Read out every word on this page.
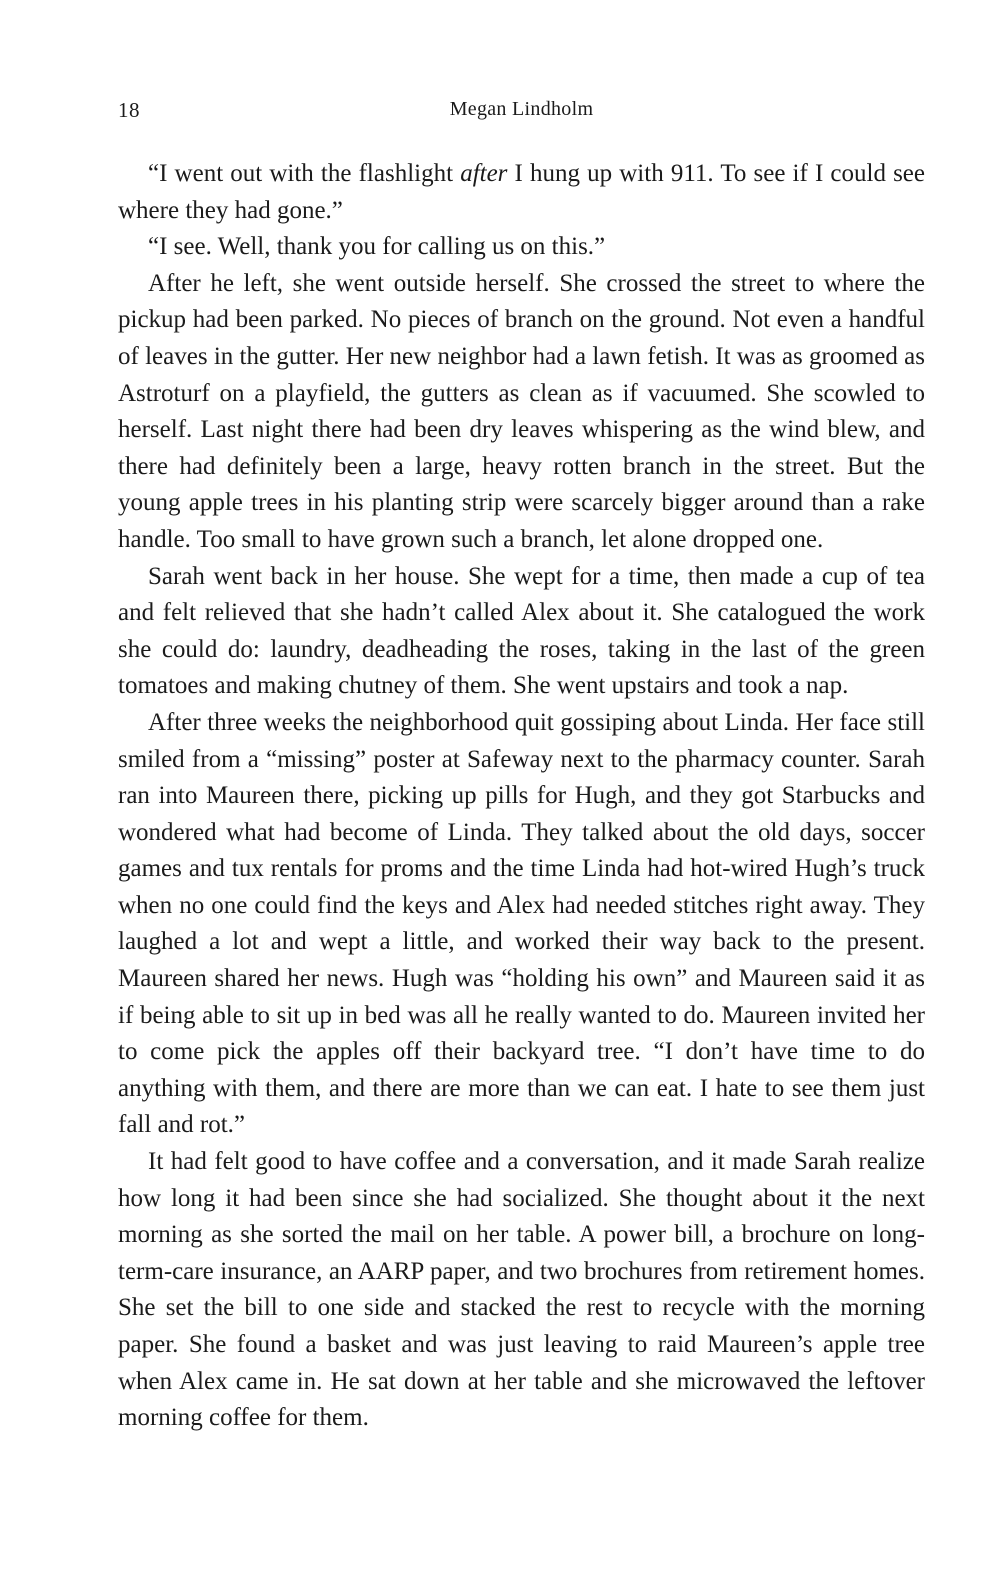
18	Megan Lindholm

“I went out with the flashlight after I hung up with 911. To see if I could see where they had gone.”

“I see. Well, thank you for calling us on this.”

After he left, she went outside herself. She crossed the street to where the pickup had been parked. No pieces of branch on the ground. Not even a handful of leaves in the gutter. Her new neighbor had a lawn fetish. It was as groomed as Astroturf on a playfield, the gutters as clean as if vacuumed. She scowled to herself. Last night there had been dry leaves whispering as the wind blew, and there had definitely been a large, heavy rotten branch in the street. But the young apple trees in his planting strip were scarcely bigger around than a rake handle. Too small to have grown such a branch, let alone dropped one.

Sarah went back in her house. She wept for a time, then made a cup of tea and felt relieved that she hadn’t called Alex about it. She catalogued the work she could do: laundry, deadheading the roses, taking in the last of the green tomatoes and making chutney of them. She went upstairs and took a nap.

After three weeks the neighborhood quit gossiping about Linda. Her face still smiled from a “missing” poster at Safeway next to the pharmacy counter. Sarah ran into Maureen there, picking up pills for Hugh, and they got Starbucks and wondered what had become of Linda. They talked about the old days, soccer games and tux rentals for proms and the time Linda had hot-wired Hugh’s truck when no one could find the keys and Alex had needed stitches right away. They laughed a lot and wept a little, and worked their way back to the present. Maureen shared her news. Hugh was “holding his own” and Maureen said it as if being able to sit up in bed was all he really wanted to do. Maureen invited her to come pick the apples off their backyard tree. “I don’t have time to do anything with them, and there are more than we can eat. I hate to see them just fall and rot.”

It had felt good to have coffee and a conversation, and it made Sarah realize how long it had been since she had socialized. She thought about it the next morning as she sorted the mail on her table. A power bill, a brochure on long-term-care insurance, an AARP paper, and two brochures from retirement homes. She set the bill to one side and stacked the rest to recycle with the morning paper. She found a basket and was just leaving to raid Maureen’s apple tree when Alex came in. He sat down at her table and she microwaved the leftover morning coffee for them.
